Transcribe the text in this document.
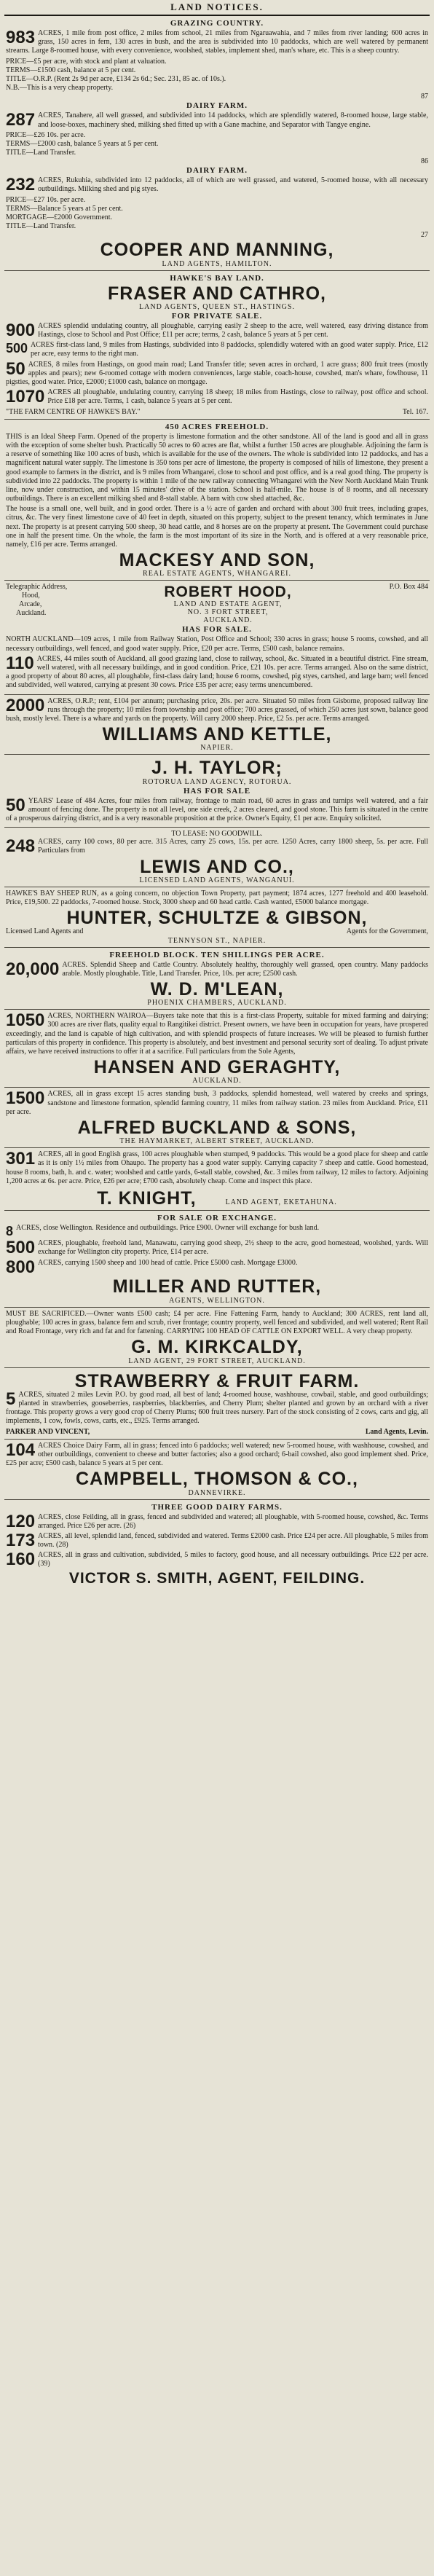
LAND NOTICES.
GRAZING COUNTRY.
983 ACRES, 1 mile from post office, 2 miles from school, 21 miles from Ngaruawahia, and 7 miles from river landing; 600 acres in grass, 150 acres in fern, 130 acres in bush, and the area is subdivided into 10 paddocks, which are well watered by permanent streams. Large 8-roomed house, with every convenience, woolshed, stables, implement shed, man's whare, etc. This is a sheep country.
PRICE—£5 per acre, with stock and plant at valuation.
TERMS—£1500 cash, balance at 5 per cent.
TITLE—O.R.P. (Rent 2s 9d per acre, £134 2s 6d.; Sec. 231, 85 ac. of 10s.).
N.B.—This is a very cheap property.
87
DAIRY FARM.
287 ACRES, Tanahere, all well grassed, and subdivided into 14 paddocks, which are splendidly watered, 8-roomed house, large stable, and loose-boxes, machinery shed, milking shed fitted up with a Gane machine, and Separator with Tangye engine.
PRICE—£26 10s. per acre.
TERMS—£2000 cash, balance 5 years at 5 per cent.
TITLE—Land Transfer.
86
DAIRY FARM.
232 ACRES, Rukuhia, subdivided into 12 paddocks, all of which are well grassed, and watered, 5-roomed house, with all necessary outbuildings. Milking shed and pig styes.
PRICE—£27 10s. per acre.
TERMS—Balance 5 years at 5 per cent.
MORTGAGE—£2000 Government.
TITLE—Land Transfer.
27
COOPER AND MANNING,
LAND AGENTS, HAMILTON.
HAWKE'S BAY LAND.
FRASER AND CATHRO,
LAND AGENTS, QUEEN ST., HASTINGS.
FOR PRIVATE SALE.
900 ACRES splendid undulating country, all ploughable, carrying easily 2 sheep to the acre, well watered, easy driving distance from Hastings, close to School and Post Office; £11 per acre; terms, 2 cash, balance 5 years at 5 per cent.
500 ACRES first-class land, 9 miles from Hastings, subdivided into 8 paddocks, splendidly watered with an good water supply. Price, £12 per acre, easy terms to the right man.
50 ACRES, 8 miles from Hastings, on good main road; Land Transfer title; seven acres in orchard, 1 acre grass; 800 fruit trees (mostly apples and pears); new 6-roomed cottage with modern conveniences, large stable, coach-house, cowshed, man's whare, fowlhouse, 11 pigsties, good water. Price, £2000; £1000 cash, balance on mortgage.
1070 ACRES all ploughable, undulating country, carrying 18 sheep; 18 miles from Hastings, close to railway, post office and school. Price £18 per acre. Terms, 1 cash, balance 5 years at 5 per cent.
"THE FARM CENTRE OF HAWKE'S BAY."	Tel. 167.
450 ACRES FREEHOLD.
THIS is an Ideal Sheep Farm. Opened of the property is limestone formation and the other sandstone. All of the land is good and all in grass with the exception of some shelter bush. Practically 50 acres to 60 acres are flat, whilst a further 150 acres are ploughable. Adjoining the farm is a reserve of something like 100 acres of bush, which is available for the use of the owners. The whole is subdivided into 12 paddocks, and has a magnificent natural water supply. The limestone is 350 tons per acre of limestone, the property is composed of hills of limestone, they present a good example to farmers in the district, and is 9 miles from Whangarei, close to school and post office, and is a real good thing. The property is subdivided into 22 paddocks. The property is within 1 mile of the new railway connecting Whangarei with the New North Auckland Main Trunk line, now under construction, and within 15 minutes' drive of the station. School is half-mile. The house is of 8 rooms, and all necessary outbuildings. There is an excellent milking shed and 8-stall stable. A barn with cow shed attached, &c.
The house is a small one, well built, and in good order. There is a ½ acre of garden and orchard with about 300 fruit trees, including grapes, citrus, &c. The very finest limestone cave of 40 feet in depth, situated on this property, subject to the present tenancy, which terminates in June next. The property is at present carrying 500 sheep, 30 head cattle, and 8 horses are on the property at present. The Government could purchase one in half the present time. On the whole, the farm is the most important of its size in the North, and is offered at a very reasonable price, namely, £16 per acre. Terms arranged.
MACKESY AND SON,
REAL ESTATE AGENTS, WHANGAREI.
Telegraphic Address,
Hood,
Arcade,
Auckland.
ROBERT HOOD,
LAND AND ESTATE AGENT,
NO. 3 FORT STREET,
AUCKLAND.
P.O. Box 484
HAS FOR SALE.
NORTH AUCKLAND—109 acres, 1 mile from Railway Station, Post Office and School; 330 acres in grass; house 5 rooms, cowshed, and all necessary outbuildings, well fenced, and good water supply. Price, £20 per acre. Terms, £500 cash, balance remains.
110 ACRES, 44 miles south of Auckland, all good grazing land, close to railway, school, &c. Situated in a beautiful district. Fine stream, well watered, with all necessary buildings, and in good condition. Price, £21 10s. per acre. Terms arranged. Also on the same district, a good property of about 80 acres, all ploughable, first-class dairy land; house 6 rooms, cowshed, pig styes, cartshed, and large barn; well fenced and subdivided, well watered, carrying at present 30 cows. Price £35 per acre; easy terms unencumbered.
2000 ACRES, O.R.P.; rent, £104 per annum; purchasing price, 20s. per acre. Situated 50 miles from Gisborne, proposed railway line runs through the property; 10 miles from township and post office; 700 acres grassed, of which 250 acres just sown, balance good bush, mostly level. There is a whare and yards on the property. Will carry 2000 sheep. Price, £2 5s. per acre. Terms arranged.
WILLIAMS AND KETTLE,
NAPIER.
J. H. TAYLOR;
ROTORUA LAND AGENCY, ROTORUA.
HAS FOR SALE
50 YEARS' Lease of 484 Acres, four miles from railway, frontage to main road, 60 acres in grass and turnips well watered, and a fair amount of fencing done. The property is not all level, one side creek, 2 acres cleared, and good stone. This farm is situated in the centre of a prosperous dairying district, and is a very reasonable proposition at the price. Owner's Equity, £1 per acre. Enquiry solicited.
TO LEASE: NO GOODWILL.
248 ACRES, carry 100 cows, 80 per acre. 315 Acres, carry 25 cows, 15s. per acre. 1250 Acres, carry 1800 sheep, 5s. per acre. Full Particulars from
LEWIS AND CO.,
LICENSED LAND AGENTS, WANGANUI.
HAWKE'S BAY SHEEP RUN, as a going concern, no objection Town Property, part payment; 1874 acres, 1277 freehold and 400 leasehold. Price, £19,500. 22 paddocks, 7-roomed house. Stock, 3000 sheep and 60 head cattle. Cash wanted, £5000 balance mortgage.
HUNTER, SCHULTZE & GIBSON,
Licensed Land Agents and	Agents for the Government,
TENNYSON ST., NAPIER.
FREEHOLD BLOCK. TEN SHILLINGS PER ACRE.
20,000 ACRES. Splendid Sheep and Cattle Country. Absolutely healthy, thoroughly well grassed, open country. Many paddocks arable. Mostly ploughable. Title, Land Transfer. Price, 10s. per acre; £2500 cash.
W. D. M'LEAN,
PHOENIX CHAMBERS, AUCKLAND.
1050 ACRES, NORTHERN WAIROA—Buyers take note that this is a first-class Property, suitable for mixed farming and dairying; 300 acres are river flats, quality equal to Rangitikei district. Present owners, we have been in occupation for years, have prospered exceedingly, and the land is capable of high cultivation, and with splendid prospects of future increases. We will be pleased to furnish further particulars of this property in confidence. This property is absolutely, and best investment and personal security sort of dealing. To adjust private affairs, we have received instructions to offer it at a sacrifice. Full particulars from the Sole Agents,
HANSEN AND GERAGHTY,
AUCKLAND.
1500 ACRES, all in grass except 15 acres standing bush, 3 paddocks, splendid homestead, well watered by creeks and springs, sandstone and limestone formation, splendid farming country, 11 miles from railway station. 23 miles from Auckland. Price, £11 per acre.
ALFRED BUCKLAND & SONS,
THE HAYMARKET, ALBERT STREET, AUCKLAND.
301 ACRES, all in good English grass, 100 acres ploughable when stumped, 9 paddocks. This would be a good place for sheep and cattle as it is only 1½ miles from Ohaupo. The property has a good water supply. Carrying capacity 7 sheep and cattle. Good homestead, house 8 rooms, bath, h. and c. water; woolshed and cattle yards, 6-stall stable, cowshed, &c. 3 miles from railway, 12 miles to factory. Adjoining 1,200 acres at 6s. per acre. Price, £26 per acre; £700 cash, absolutely cheap. Come and inspect this place.
T. KNIGHT,	LAND AGENT, EKETAHUNA.
FOR SALE OR EXCHANGE.
8 ACRES, close Wellington. Residence and outbuildings. Price £900. Owner will exchange for bush land.
500 ACRES, ploughable, freehold land, Manawatu, carrying good sheep, 2½ sheep to the acre, good homestead, woolshed, yards. Will exchange for Wellington city property. Price, £14 per acre.
800 ACRES, carrying 1500 sheep and 100 head of cattle. Price £5000 cash. Mortgage £3000.
MILLER AND RUTTER,
AGENTS, WELLINGTON.
MUST BE SACRIFICED.—Owner wants £500 cash; £4 per acre. Fine Fattening Farm, handy to Auckland; 300 ACRES, rent land all, ploughable; 100 acres in grass, balance fern and scrub, river frontage; country property, well fenced and subdivided, and well watered; Rent Rail and Road Frontage, very rich and fat and for fattening. CARRYING 100 HEAD OF CATTLE ON EXPORT WELL. A very cheap property.
G. M. KIRKCALDY,
LAND AGENT, 29 FORT STREET, AUCKLAND.
STRAWBERRY & FRUIT FARM.
5 ACRES, situated 2 miles Levin P.O. by good road, all best of land; 4-roomed house, washhouse, cowbail, stable, and good outbuildings; planted in strawberries, gooseberries, raspberries, blackberries, and Cherry Plum; shelter planted and grown by an orchard with a river frontage. This property grows a very good crop of Cherry Plums; 600 fruit trees nursery. Part of the stock consisting of 2 cows, carts and gig, all implements, 1 cow, fowls, cows, carts, etc., £925. Terms arranged.
PARKER AND VINCENT,	Land Agents, Levin.
104 ACRES Choice Dairy Farm, all in grass; fenced into 6 paddocks; well watered; new 5-roomed house, with washhouse, cowshed, and other outbuildings, convenient to cheese and butter factories; also a good orchard; 6-bail cowshed, also good implement shed. Price, £25 per acre; £500 cash, balance 5 years at 5 per cent.
CAMPBELL, THOMSON & CO.,
DANNEVIRKE.
THREE GOOD DAIRY FARMS.
120 ACRES, close Feilding, all in grass, fenced and subdivided and watered; all ploughable, with 5-roomed house, cowshed, &c. Terms arranged. Price £26 per acre. (26)
173 ACRES, all level, splendid land, fenced, subdivided and watered. Terms £2000 cash. Price £24 per acre. All ploughable, 5 miles from town. (28)
160 ACRES, all in grass and cultivation, subdivided, 5 miles to factory, good house, and all necessary outbuildings. Price £22 per acre. (39)
VICTOR S. SMITH, AGENT, FEILDING.
